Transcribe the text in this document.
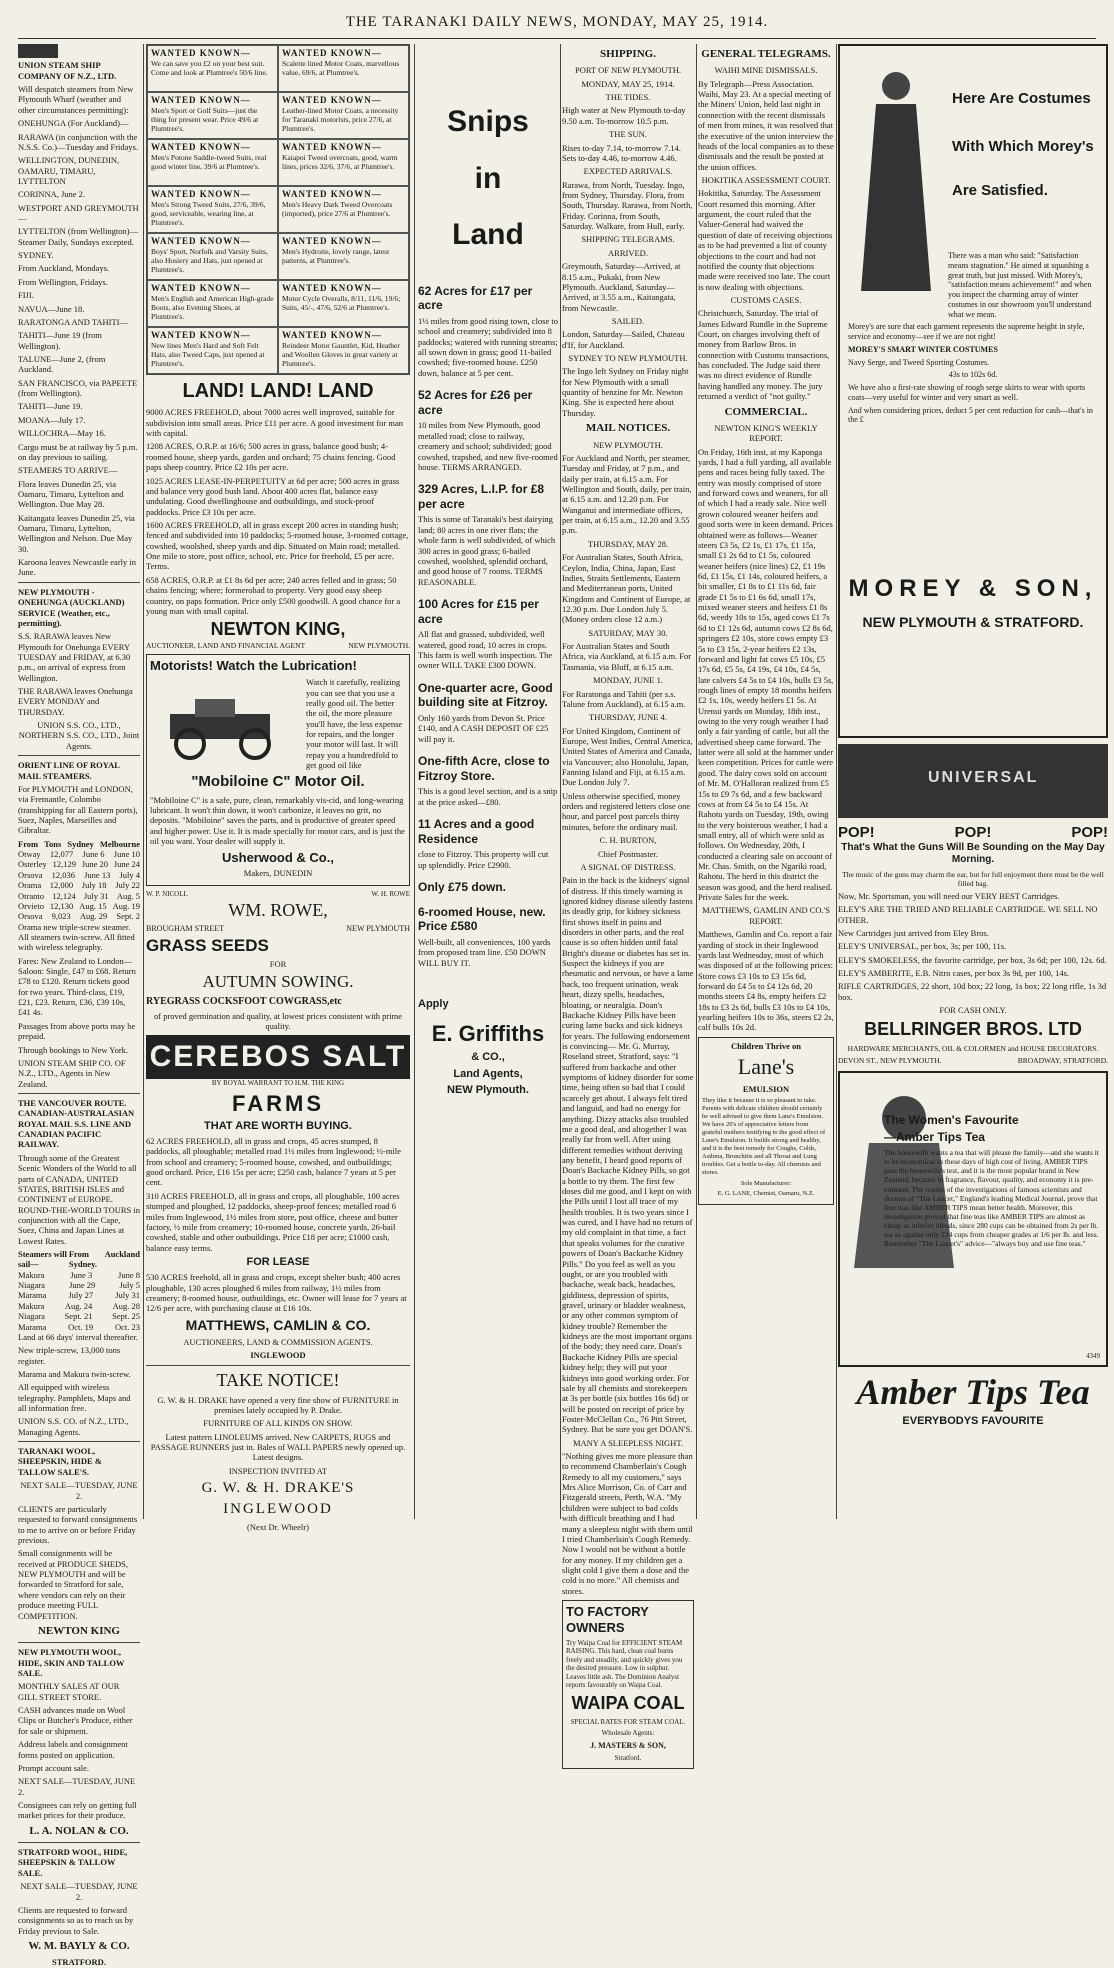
THE TARANAKI DAILY NEWS, MONDAY, MAY 25, 1914.

UNION STEAM SHIP COMPANY OF N.Z., LTD.

Will despatch steamers from New Plymouth Wharf (weather and other circumstances permitting):

ONEHUNGA (For Auckland)—

RARAWA (in conjunction with the N.S.S. Co.)—Tuesday and Fridays.

WELLINGTON, DUNEDIN, OAMARU, TIMARU, LYTTELTON

CORINNA, June 2.

WESTPORT AND GREYMOUTH—

LYTTELTON (from Wellington)—Steamer Daily, Sundays excepted.

SYDNEY.

From Auckland, Mondays.

From Wellington, Fridays.

FIJI.

NAVUA—June 18.

RARATONGA AND TAHITI—

TAHITI—June 19 (from Wellington).

TALUNE—June 2, (from Auckland.

SAN FRANCISCO, via PAPEETE (from Wellington).

TAHITI—June 19.

MOANA—July 17.

WILLOCHRA—May 16.

Cargo must be at railway by 5 p.m. on day previous to sailing.

STEAMERS TO ARRIVE—

Flora leaves Dunedin 25, via Oamaru, Timaru, Lyttelton and Wellington. Due May 28.

Kaitangata leaves Dunedin 25, via Oamaru, Timaru, Lyttelton, Wellington and Nelson. Due May 30.

Karoona leaves Newcastle early in June.

NEW PLYMOUTH - ONEHUNGA (AUCKLAND) SERVICE (Weather, etc., permitting).

S.S. RARAWA leaves New Plymouth for Onehunga EVERY TUESDAY and FRIDAY, at 6.30 p.m., on arrival of express from Wellington.

THE RARAWA leaves Onehunga EVERY MONDAY and THURSDAY.

UNION S.S. CO., LTD., NORTHERN S.S. CO., LTD., Joint Agents.

ORIENT LINE OF ROYAL MAIL STEAMERS.

For PLYMOUTH and LONDON, via Fremantle, Colombo (transhipping for all Eastern ports), Suez, Naples, Marseilles and Gibraltar.

From Tons Sydney Melbourne
Otway 12,077 June 6 June 10
Osterley 12,129 June 20 June 24
Orsova 12,036 June 13 July 4
Orama 12,000 July 18 July 22
Otranto 12,124 July 31 Aug. 5
Orvieto 12,130 Aug. 15 Aug. 19
Orsova 9,023 Aug. 29 Sept. 2

Orama new triple-screw steamer. All steamers twin-screw. All fitted with wireless telegraphy.

Fares: New Zealand to London—Saloon: Single, £47 to £68. Return £78 to £120. Return tickets good for two years. Third-class, £19, £21, £23. Return, £36, £39 10s, £41 4s.

Passages from above ports may be prepaid.

Through bookings to New York.

UNION STEAM SHIP CO. OF N.Z., LTD., Agents in New Zealand.

THE VANCOUVER ROUTE. CANADIAN-AUSTRALASIAN ROYAL MAIL S.S. LINE AND CANADIAN PACIFIC RAILWAY.

Through some of the Greatest Scenic Wonders of the World to all parts of CANADA, UNITED STATES, BRITISH ISLES and CONTINENT of EUROPE. ROUND-THE-WORLD TOURS in conjunction with all the Cape, Suez, China and Japan Lines at Lowest Rates.

Steamers will sail—
From Sydney.
Auckland
Makura	June 3	June 8
Niagara	June 29	July 5
Marama	July 27	July 31
Makura Aug. 24 Aug. 28
Niagara Sept. 21 Sept. 25
Marama	Oct. 19	Oct. 23

Land at 66 days' interval thereafter.

New triple-screw, 13,000 tons register.

Marama and Makura twin-screw.

All equipped with wireless telegraphy. Pamphlets, Maps and all information free.

UNION S.S. CO. of N.Z., LTD., Managing Agents.

TARANAKI WOOL, SHEEPSKIN, HIDE & TALLOW SALE'S.

NEXT SALE—TUESDAY, JUNE 2.

CLIENTS are particularly requested to forward consignments to me to arrive on or before Friday previous.

Small consignments will be received at PRODUCE SHEDS, NEW PLYMOUTH and will be forwarded to Stratford for sale, where vendors can rely on their produce meeting FULL COMPETITION.

NEWTON KING

NEW PLYMOUTH WOOL, HIDE, SKIN AND TALLOW SALE.

MONTHLY SALES AT OUR GILL STREET STORE.

CASH advances made on Wool Clips or Butcher's Produce, either for sale or shipment.

Address labels and consignment forms posted on application.

Prompt account sale.

NEXT SALE—TUESDAY, JUNE 2.

Consignees can rely on getting full market prices for their produce.

L. A. NOLAN & CO.

STRATFORD WOOL, HIDE, SHEEPSKIN & TALLOW SALE.

NEXT SALE—TUESDAY, JUNE 2.

Clients are requested to forward consignments so as to reach us by Friday previous to Sale.

W. M. BAYLY & CO.

STRATFORD.

WANTED KNOWN—
We can save you £2 on your best suit. Come and look at Plumtree's 50/6 line.
WANTED KNOWN—
Scalette lined Motor Coats, marvellous value, 69/6, at Plumtree's.
WANTED KNOWN—
Men's Sport or Golf Suits—just the thing for present wear. Price 49/6 at Plumtree's.
WANTED KNOWN—
Leather-lined Motor Coats, a necessity for Taranaki motorists, price 27/6, at Plumtree's.
WANTED KNOWN—
Men's Potone Saddle-tweed Suits, real good winter line, 39/6 at Plumtree's.
WANTED KNOWN—
Kaiapoi Tweed overcoats, good, warm lines, prices 32/6, 37/6, at Plumtree's.
WANTED KNOWN—
Men's Strong Tweed Suits, 27/6, 39/6, good, serviceable, wearing line, at Plumtree's.
WANTED KNOWN—
Men's Heavy Dark Tweed Overcoats (imported), price 27/6 at Plumtree's.
WANTED KNOWN—
Boys' Sport, Norfolk and Varsity Suits, also Hosiery and Hats, just opened at Plumtree's.
WANTED KNOWN—
Men's Hydroite, lovely range, latest patterns, at Plumtree's.
WANTED KNOWN—
Men's English and American High-grade Boots, also Evening Shoes, at Plumtree's.
WANTED KNOWN—
Motor Cycle Overalls, 8/11, 11/6, 19/6; Suits, 45/-, 47/6, 52/6 at Plumtree's.
WANTED KNOWN—
New lines Men's Hard and Soft Felt Hats, also Tweed Caps, just opened at Plumtree's.
WANTED KNOWN—
Reindeer Motor Gauntlet, Kid, Heather and Woollen Gloves in great variety at Plumtree's.

LAND! LAND! LAND

9000 ACRES FREEHOLD, about 7000 acres well improved, suitable for subdivision into small areas. Price £11 per acre. A good investment for man with capital.

1208 ACRES, O.R.P. at 16/6; 500 acres in grass, balance good bush; 4-roomed house, sheep yards, garden and orchard; 75 chains fencing. Good paps sheep country. Price £2 10s per acre.

1025 ACRES LEASE-IN-PERPETUITY at 6d per acre; 500 acres in grass and balance very good bush land. About 400 acres flat, balance easy undulating. Good dwellinghouse and outbuildings, and stock-proof paddocks. Price £3 10s per acre.

1600 ACRES FREEHOLD, all in grass except 200 acres in standing bush; fenced and subdivided into 10 paddocks; 5-roomed house, 3-roomed cottage, cowshed, woolshed, sheep yards and dip. Situated on Main road; metalled. One mile to store, post office, school, etc. Price for freehold, £5 per acre. Terms.

658 ACRES, O.R.P. at £1 8s 6d per acre; 240 acres felled and in grass; 50 chains fencing; where; formerohad to property. Very good easy sheep country, on paps formation. Price only £500 goodwill. A good chance for a young man with small capital.

NEWTON KING,

AUCTIONEER, LAND AND FINANCIAL AGENT	NEW PLYMOUTH.

Motorists! Watch the Lubrication!

Watch it carefully, realizing you can see that you use a really good oil. The better the oil, the more pleasure you'll have, the less expense for repairs, and the longer your motor will last. It will repay you a hundredfold to get good oil like

"Mobiloine C" Motor Oil.

"Mobiloine C" is a safe, pure, clean, remarkably vis-cid, and long-wearing lubricant. It won't thin down, it won't carbonize, it leaves no grit, no deposits. "Mobiloine" saves the parts, and is productive of greater speed and higher power. Use it. It is made specially for motor cars, and is just the oil you want. Your dealer will supply it.

Usherwood & Co.,

Makers, DUNEDIN

W. P. NICOLL	W. H. ROWE

WM. ROWE,

BROUGHAM STREET	NEW PLYMOUTH

GRASS SEEDS

FOR

AUTUMN SOWING.

RYEGRASS COCKSFOOT COWGRASS,etc

of proved germination and quality, at lowest prices consistent with prime quality.

CEREBOS SALT

BY ROYAL WARRANT TO H.M. THE KING

FARMS

THAT ARE WORTH BUYING.

62 ACRES FREEHOLD, all in grass and crops, 45 acres stumped, 8 paddocks, all ploughable; metalled road 1½ miles from Inglewood; ½-mile from school and creamery; 5-roomed house, cowshed, and outbuildings; good orchard. Price, £16 15s per acre; £250 cash, balance 7 years at 5 per cent.

310 ACRES FREEHOLD, all in grass and crops, all ploughable, 100 acres stumped and ploughed, 12 paddocks, sheep-proof fences; metalled road 6 miles from Inglewood, 1½ miles from store, post office, cheese and butter factory, ½ mile from creamery; 10-roomed house, concrete yards, 26-bail cowshed, stable and other outbuildings. Price £18 per acre; £1000 cash, balance easy terms.

FOR LEASE

530 ACRES freehold, all in grass and crops, except shelter bush; 400 acres ploughable, 130 acres ploughed 6 miles from railway, 1½ miles from creamery; 8-roomed house, outbuildings, etc. Owner will lease for 7 years at 12/6 per acre, with purchasing clause at £16 10s.

MATTHEWS, CAMLIN & CO.

AUCTIONEERS, LAND & COMMISSION AGENTS.

INGLEWOOD

TAKE NOTICE!

G. W. & H. DRAKE have opened a very fine show of FURNITURE in premises lately occupied by P. Drake.

FURNITURE OF ALL KINDS ON SHOW.

Latest pattern LINOLEUMS arrived. New CARPETS, RUGS and PASSAGE RUNNERS just in. Bales of WALL PAPERS newly opened up. Latest designs.

INSPECTION INVITED AT

G. W. & H. DRAKE'S

INGLEWOOD

(Next Dr. Wheelr)

Snips

in

Land

62 Acres for £17 per acre

1½ miles from good rising town, close to school and creamery; subdivided into 8 paddocks; watered with running streams; all sown down in grass; good 11-bailed cowshed; five-roomed house. £250 down, balance at 5 per cent.

52 Acres for £26 per acre

10 miles from New Plymouth, good metalled road; close to railway, creamery and school; subdivided; good cowshed, trapshed, and new five-roomed house. TERMS ARRANGED.

329 Acres, L.I.P. for £8 per acre

This is some of Taranaki's best dairying land; 80 acres in one river flats; the whole farm is well subdivided, of which 300 acres in good grass; 6-bailed cowshed, woolshed, splendid orchard, and good house of 7 rooms. TERMS REASONABLE.

100 Acres for £15 per acre

All flat and grassed, subdivided, well watered, good road, 10 acres in crops. This farm is well worth inspection. The owner WILL TAKE £300 DOWN.

One-quarter acre, Good building site at Fitzroy.

Only 160 yards from Devon St. Price £140, and A CASH DEPOSIT OF £25 will pay it.

One-fifth Acre, close to Fitzroy Store.

This is a good level section, and is a snip at the price asked—£80.

11 Acres and a good Residence

close to Fitzroy. This property will cut up splendidly. Price £2900.

Only £75 down.

6-roomed House, new. Price £580

Well-built, all conveniences, 100 yards from proposed tram line. £50 DOWN WILL BUY IT.

Apply

E. Griffiths

& CO.,

Land Agents,

NEW Plymouth.

SHIPPING.

PORT OF NEW PLYMOUTH.

MONDAY, MAY 25, 1914.

THE TIDES.

High water at New Plymouth to-day 9.50 a.m. To-morrow 10.5 p.m.

THE SUN.

Rises to-day 7.14, to-morrow 7.14. Sets to-day 4.46, to-morrow 4.46.

EXPECTED ARRIVALS.

Rarawa, from North, Tuesday. Ingo, from Sydney, Thursday. Flora, from South, Thursday. Rarawa, from North, Friday. Corinna, from South, Saturday. Walkare, from Hull, early.

SHIPPING TELEGRAMS.

ARRIVED.

Greymouth, Saturday—Arrived, at 8.15 a.m., Pukaki, from New Plymouth. Auckland, Saturday—Arrived, at 3.55 a.m., Kaitangata, from Newcastle.

SAILED.

London, Saturday—Sailed, Chateau d'If, for Auckland.

SYDNEY TO NEW PLYMOUTH.

The Ingo left Sydney on Friday night for New Plymouth with a small quantity of benzine for Mr. Newton King. She is expected here about Thursday.

MAIL NOTICES.

NEW PLYMOUTH.

For Auckland and North, per steamer, Tuesday and Friday, at 7 p.m., and daily per train, at 6.15 a.m. For Wellington and South, daily, per train, at 6.15 a.m. and 12.20 p.m. For Wanganui and intermediate offices, per train, at 6.15 a.m., 12.20 and 3.55 p.m.

THURSDAY, MAY 28.

For Australian States, South Africa, Ceylon, India, China, Japan, East Indies, Straits Settlements, Eastern and Mediterranean ports, United Kingdom and Continent of Europe, at 12.30 p.m. Due London July 5. (Money orders close 12 a.m.)

SATURDAY, MAY 30.

For Australian States and South Africa, via Auckland, at 6.15 a.m. For Tasmania, via Bluff, at 6.15 a.m.

MONDAY, JUNE 1.

For Raratonga and Tahiti (per s.s. Talune from Auckland), at 6.15 a.m.

THURSDAY, JUNE 4.

For United Kingdom, Continent of Europe, West Indies, Central America, United States of America and Canada, via Vancouver; also Honolulu, Japan, Fanning Island and Fiji, at 6.15 a.m. Due London July 7.

Unless otherwise specified, money orders and registered letters close one hour, and parcel post parcels thirty minutes, before the ordinary mail.

C. H. BURTON,

Chief Postmaster.

A SIGNAL OF DISTRESS.

Pain in the back is the kidneys' signal of distress. If this timely warning is ignored kidney disease silently fastens its deadly grip, for kidney sickness first shows itself in pains and disorders in other parts, and the real cause is so often hidden until fatal Bright's disease or diabetes has set in. Suspect the kidneys if you are rheumatic and nervous, or have a lame back, too frequent urination, weak heart, dizzy spells, headaches, bloating, or neuralgia. Doan's Backache Kidney Pills have been curing lame backs and sick kidneys for years. The following endorsement is convincing— Mr. G. Murray, Roseland street, Stratford, says: "I suffered from backache and other symptoms of kidney disorder for some time, being often so bad that I could scarcely get about. I always felt tired and languid, and had no energy for anything. Dizzy attacks also troubled me a good deal, and altogether I was really far from well. After using different remedies without deriving any benefit, I heard good reports of Doan's Backache Kidney Pills, so got a bottle to try them. The first few doses did me good, and I kept on with the Pills until I lost all trace of my health troubles. It is two years since I was cured, and I have had no return of my old complaint in that time, a fact that speaks volumes for the curative powers of Doan's Backache Kidney Pills." Do you feel as well as you ought, or are you troubled with backache, weak back, headaches, giddiness, depression of spirits, gravel, urinary or bladder weakness, or any other common symptom of kidney trouble? Remember the kidneys are the most important organs of the body; they need care. Doan's Backache Kidney Pills are special kidney help; they will put your kidneys into good working order. For sale by all chemists and storekeepers at 3s per bottle (six bottles 16s 6d) or will be posted on receipt of price by Foster-McClellan Co., 76 Pitt Street, Sydney. But be sure you get DOAN'S.

MANY A SLEEPLESS NIGHT.

"Nothing gives me more pleasure than to recommend Chamberlain's Cough Remedy to all my customers," says Mrs Alice Morrison, Co. of Carr and Fitzgerald streets, Perth, W.A. "My children were subject to bad colds with difficult breathing and I had many a sleepless night with them until I tried Chamberlain's Cough Remedy. Now I would not be without a bottle for any money. If my children get a slight cold I give them a dose and the cold is no more." All chemists and stores.

TO FACTORY OWNERS

Try Waipa Coal for EFFICIENT STEAM RAISING. This hard, clean coal burns freely and steadily, and quickly gives you the desired pressure. Low in sulphur. Leaves little ash. The Dominion Analyst reports favourably on Waipa Coal.

WAIPA COAL

SPECIAL RATES FOR STEAM COAL.

Wholesale Agents:

J. MASTERS & SON,

Stratford.

GENERAL TELEGRAMS.

WAIHI MINE DISMISSALS.

By Telegraph—Press Association. Waihi, May 23. At a special meeting of the Miners' Union, held last night in connection with the recent dismissals of men from mines, it was resolved that the executive of the union interview the heads of the local companies as to these dismissals and the result be posted at the union offices.

HOKITIKA ASSESSMENT COURT.

Hokitika, Saturday. The Assessment Court resumed this morning. After argument, the court ruled that the Valuer-General had waived the question of date of receiving objections as to be had prevented a list of county objections to the court and had not notified the county that objections made were received too late. The court is now dealing with objections.

CUSTOMS CASES.

Christchurch, Saturday. The trial of James Edward Rundle in the Supreme Court, on charges involving theft of money from Barlow Bros. in connection with Customs transactions, has concluded. The Judge said there was no direct evidence of Rundle having handled any money. The jury returned a verdict of "not guilty."

COMMERCIAL.

NEWTON KING'S WEEKLY REPORT.

On Friday, 16th inst, at my Kaponga yards, I had a full yarding, all available pens and races being fully taxed. The entry was mostly comprised of store and forward cows and weaners, for all of which I had a ready sale. Nice well grown coloured weaner heifers and good sorts were in keen demand. Prices obtained were as follows—Weaner steers £3 5s, £2 1s, £1 17s, £1 15s, small £1 2s 6d to £1 5s, coloured weaner heifers (nice lines) £2, £1 19s 6d, £1 15s, £1 14s, coloured heifers, a bit smaller, £1 8s to £1 11s 6d, fair grade £1 5s to £1 6s 6d, small 17s, mixed weaner steers and heifers £1 8s 6d, weedy 10s to 15s, aged cows £1 7s 6d to £1 12s 6d, autumn cows £2 8s 6d, springers £2 10s, store cows empty £3 5s to £3 15s, 2-year heifers £2 13s, forward and light fat cows £5 10s, £5 17s 6d, £5 5s, £4 19s, £4 10s, £4 5s, late calvers £4 5s to £4 10s, bulls £3 5s, rough lines of empty 18 months heifers £2 1s, 10s, weedy heifers £1 5s. At Urenui yards on Monday, 18th inst., owing to the very rough weather I had only a fair yarding of cattle, but all the advertised sheep came forward. The latter were all sold at the hammer under keen competition. Prices for cattle were good. The dairy cows sold on account of Mr. M. O'Halloran realized from £5 15s to £9 7s 6d, and a few backward cows at from £4 5s to £4 15s. At Rahotu yards on Tuesday, 19th, owing to the very boisterous weather, I had a small entry, all of which were sold as follows. On Wednesday, 20th, I conducted a clearing sale on account of Mr. Chas. Smith, on the Ngariki road, Rahotu. The herd in this district the season was good, and the herd realised. Private Sales for the week.

MATTHEWS, GAMLIN AND CO.'S REPORT.

Matthews, Gamlin and Co. report a fair yarding of stock in their Inglewood yards last Wednesday, most of which was disposed of at the following prices: Store cows £3 10s to £3 15s 6d, forward do £4 5s to £4 12s 6d, 20 months steers £4 8s, empty heifers £2 18s to £3 2s 6d, bulls £3 10s to £4 10s, yearling heifers 10s to 36s, steers £2 2s, calf bulls 10s 2d.

Children Thrive on

Lane's

EMULSION

They like it because it is so pleasant to take. Parents with delicate children should certainly be well advised to give them Lane's Emulsion. We have 20's of appreciative letters from grateful mothers testifying to the good effect of Lane's Emulsion. It builds strong and healthy, and it is the best remedy for Coughs, Colds, Asthma, Bronchitis and all Throat and Lung troubles. Get a bottle to-day. All chemists and stores.

Sole Manufacturer:

E. G. LANE, Chemist, Oamaru, N.Z.

Here Are Costumes

With Which Morey's

Are Satisfied.

There was a man who said: "Satisfaction means stagnation." He aimed at squashing a great truth, but just missed. With Morey's, "satisfaction means achievement!" and when you inspect the charming array of winter costumes in our showroom you'll understand what we mean.

Morey's are sure that each garment represents the supreme height in style, service and economy—see if we are not right!

MOREY'S SMART WINTER COSTUMES

Navy Serge, and Tweed Sporting Costumes.

43s to 102s 6d.

We have also a first-rate showing of rough serge skirts to wear with sports coats—very useful for winter and very smart as well.

And when considering prices, deduct 5 per cent reduction for cash—that's in the £

MOREY & SON,

NEW PLYMOUTH & STRATFORD.

UNIVERSAL
POP!	POP!	POP!

That's What the Guns Will Be Sounding on the May Day Morning.

The music of the guns may charm the ear, but for full enjoyment there must be the well filled bag.

Now, Mr. Sportsman, you will need our VERY BEST Cartridges.

ELEY'S ARE THE TRIED AND RELIABLE CARTRIDGE. WE SELL NO OTHER.

New Cartridges just arrived from Eley Bros.

ELEY'S UNIVERSAL, per box, 3s; per 100, 11s.

ELEY'S SMOKELESS, the favorite cartridge, per box, 3s 6d; per 100, 12s. 6d.

ELEY'S AMBERITE, E.B. Nitro cases, per box 3s 9d, per 100, 14s.

RIFLE CARTRIDGES, 22 short, 10d box; 22 long, 1s box; 22 long rifle, 1s 3d box.

FOR CASH ONLY.

BELLRINGER BROS. LTD

HARDWARE MERCHANTS, OIL & COLORMEN and HOUSE DECORATORS.

DEVON ST., NEW PLYMOUTH.	BROADWAY, STRATFORD.

The Women's Favourite

—Amber Tips Tea

The housewife wants a tea that will please the family—and she wants it to be economical in these days of high cost of living. AMBER TIPS pass the housewife's test, and it is the most popular brand in New Zealand, because in fragrance, flavour, quality, and economy it is pre-eminent. The results of the investigations of famous scientists and doctors of "The Lancet," England's leading Medical Journal, prove that fine teas like AMBER TIPS mean better health. Moreover, this investigation proved that fine teas like AMBER TIPS are almost as cheap as inferior blends, since 280 cups can be obtained from 2s per lb. tea as against only 224 cups from cheaper grades at 1/6 per lb. and less. Remember "The Lancet's" advice—"always buy and use fine teas."

4349

Amber Tips Tea

EVERYBODYS FAVOURITE
